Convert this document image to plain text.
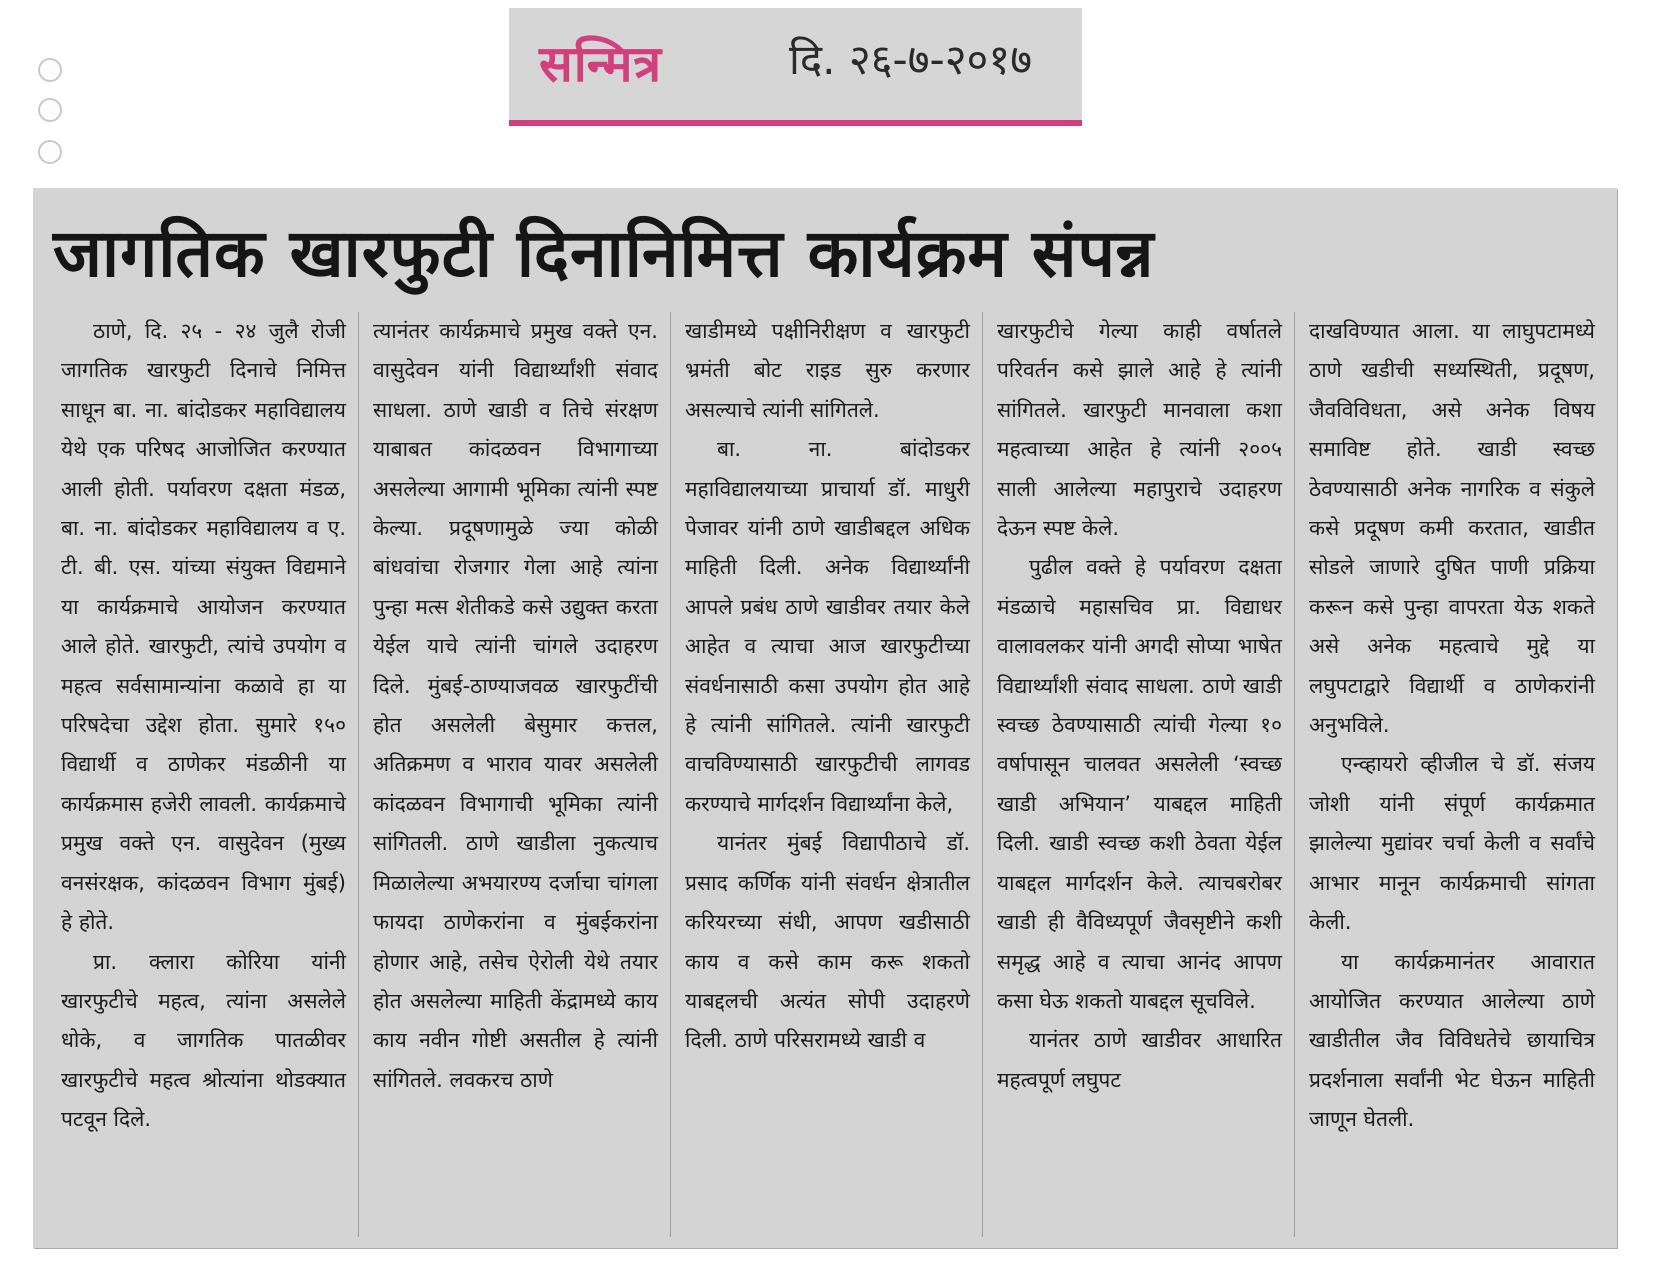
सन्मित्र	दि. २६-७-२०१७
जागतिक खारफुटी दिनानिमित्त कार्यक्रम संपन्न

ठाणे, दि. २५ - २४ जुलै रोजी जागतिक खारफुटी दिनाचे निमित्त साधून बा. ना. बांदोडकर महाविद्यालय येथे एक परिषद आजोजित करण्यात आली होती. पर्यावरण दक्षता मंडळ, बा. ना. बांदोडकर महाविद्यालय व ए. टी. बी. एस. यांच्या संयुक्त विद्यमाने या कार्यक्रमाचे आयोजन करण्यात आले होते. खारफुटी, त्यांचे उपयोग व महत्व सर्वसामान्यांना कळावे हा या परिषदेचा उद्देश होता. सुमारे १५० विद्यार्थी व ठाणेकर मंडळीनी या कार्यक्रमास हजेरी लावली. कार्यक्रमाचे प्रमुख वक्ते एन. वासुदेवन (मुख्य वनसंरक्षक, कांदळवन विभाग मुंबई) हे होते.

प्रा. क्लारा कोरिया यांनी खारफुटीचे महत्व, त्यांना असलेले धोके, व जागतिक पातळीवर खारफुटीचे महत्व श्रोत्यांना थोडक्यात पटवून दिले.

त्यानंतर कार्यक्रमाचे प्रमुख वक्ते एन. वासुदेवन यांनी विद्यार्थ्यांशी संवाद साधला. ठाणे खाडी व तिचे संरक्षण याबाबत कांदळवन विभागाच्या असलेल्या आगामी भूमिका त्यांनी स्पष्ट केल्या. प्रदूषणामुळे ज्या कोळी बांधवांचा रोजगार गेला आहे त्यांना पुन्हा मत्स शेतीकडे कसे उद्युक्त करता येईल याचे त्यांनी चांगले उदाहरण दिले. मुंबई-ठाण्याजवळ खारफुटींची होत असलेली बेसुमार कत्तल, अतिक्रमण व भाराव यावर असलेली कांदळवन विभागाची भूमिका त्यांनी सांगितली. ठाणे खाडीला नुकत्याच मिळालेल्या अभयारण्य दर्जाचा चांगला फायदा ठाणेकरांना व मुंबईकरांना होणार आहे, तसेच ऐरोली येथे तयार होत असलेल्या माहिती केंद्रामध्ये काय काय नवीन गोष्टी असतील हे त्यांनी सांगितले. लवकरच ठाणे

खाडीमध्ये पक्षीनिरीक्षण व खारफुटी भ्रमंती बोट राइड सुरु करणार असल्याचे त्यांनी सांगितले.

बा. ना. बांदोडकर महाविद्यालयाच्या प्राचार्या डॉ. माधुरी पेजावर यांनी ठाणे खाडीबद्दल अधिक माहिती दिली. अनेक विद्यार्थ्यांनी आपले प्रबंध ठाणे खाडीवर तयार केले आहेत व त्याचा आज खारफुटीच्या संवर्धनासाठी कसा उपयोग होत आहे हे त्यांनी सांगितले. त्यांनी खारफुटी वाचविण्यासाठी खारफुटीची लागवड करण्याचे मार्गदर्शन विद्यार्थ्यांना केले,

यानंतर मुंबई विद्यापीठाचे डॉ. प्रसाद कर्णिक यांनी संवर्धन क्षेत्रातील करियरच्या संधी, आपण खडीसाठी काय व कसे काम करू शकतो याबद्दलची अत्यंत सोपी उदाहरणे दिली. ठाणे परिसरामध्ये खाडी व

खारफुटीचे गेल्या काही वर्षातले परिवर्तन कसे झाले आहे हे त्यांनी सांगितले. खारफुटी मानवाला कशा महत्वाच्या आहेत हे त्यांनी २००५ साली आलेल्या महापुराचे उदाहरण देऊन स्पष्ट केले.

पुढील वक्ते हे पर्यावरण दक्षता मंडळाचे महासचिव प्रा. विद्याधर वालावलकर यांनी अगदी सोप्या भाषेत विद्यार्थ्यांशी संवाद साधला. ठाणे खाडी स्वच्छ ठेवण्यासाठी त्यांची गेल्या १० वर्षापासून चालवत असलेली ‘स्वच्छ खाडी अभियान’ याबद्दल माहिती दिली. खाडी स्वच्छ कशी ठेवता येईल याबद्दल मार्गदर्शन केले. त्याचबरोबर खाडी ही वैविध्यपूर्ण जैवसृष्टीने कशी समृद्ध आहे व त्याचा आनंद आपण कसा घेऊ शकतो याबद्दल सूचविले.

यानंतर ठाणे खाडीवर आधारित महत्वपूर्ण लघुपट

दाखविण्यात आला. या लाघुपटामध्ये ठाणे खडीची सध्यस्थिती, प्रदूषण, जैवविविधता, असे अनेक विषय समाविष्ट होते. खाडी स्वच्छ ठेवण्यासाठी अनेक नागरिक व संकुले कसे प्रदूषण कमी करतात, खाडीत सोडले जाणारे दुषित पाणी प्रक्रिया करून कसे पुन्हा वापरता येऊ शकते असे अनेक महत्वाचे मुद्दे या लघुपटाद्वारे विद्यार्थी व ठाणेकरांनी अनुभविले.

एन्व्हायरो व्हीजील चे डॉ. संजय जोशी यांनी संपूर्ण कार्यक्रमात झालेल्या मुद्यांवर चर्चा केली व सर्वांचे आभार मानून कार्यक्रमाची सांगता केली.

या कार्यक्रमानंतर आवारात आयोजित करण्यात आलेल्या ठाणे खाडीतील जैव विविधतेचे छायाचित्र प्रदर्शनाला सर्वांनी भेट घेऊन माहिती जाणून घेतली.
